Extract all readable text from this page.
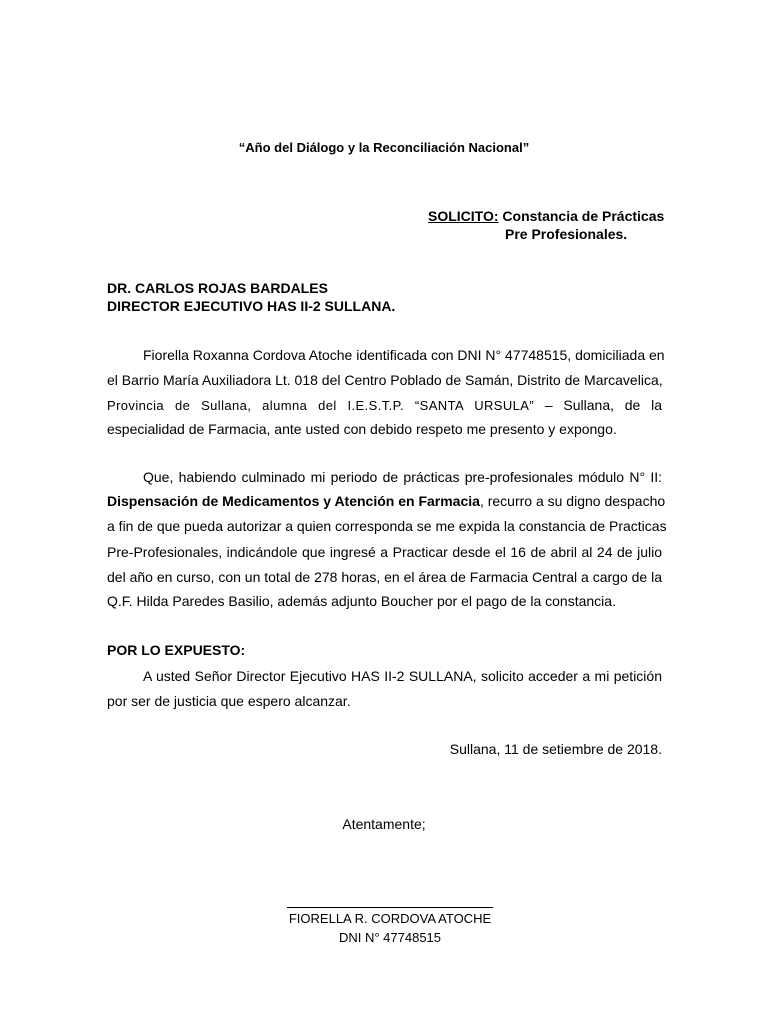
“Año del Diálogo y la Reconciliación Nacional”
SOLICITO: Constancia de Prácticas
Pre Profesionales.
DR. CARLOS ROJAS BARDALES
DIRECTOR EJECUTIVO HAS II-2 SULLANA.
Fiorella Roxanna Cordova Atoche identificada con DNI N° 47748515, domiciliada en
el Barrio María Auxiliadora Lt. 018 del Centro Poblado de Samán, Distrito de Marcavelica,
Provincia de Sullana, alumna del I.E.S.T.P. “SANTA URSULA” – Sullana, de la
especialidad de Farmacia, ante usted con debido respeto me presento y expongo.
Que, habiendo culminado mi periodo de prácticas pre-profesionales módulo N° II:
Dispensación de Medicamentos y Atención en Farmacia, recurro a su digno despacho
a fin de que pueda autorizar a quien corresponda se me expida la constancia de Practicas
Pre-Profesionales, indicándole que ingresé a Practicar desde el 16 de abril al 24 de julio
del año en curso, con un total de 278 horas, en el área de Farmacia Central a cargo de la
Q.F. Hilda Paredes Basilio, además adjunto Boucher por el pago de la constancia.
POR LO EXPUESTO:
A usted Señor Director Ejecutivo HAS II-2 SULLANA, solicito acceder a mi petición
por ser de justicia que espero alcanzar.
Sullana, 11 de setiembre de 2018.
Atentamente;
FIORELLA R. CORDOVA ATOCHE
DNI N° 47748515
